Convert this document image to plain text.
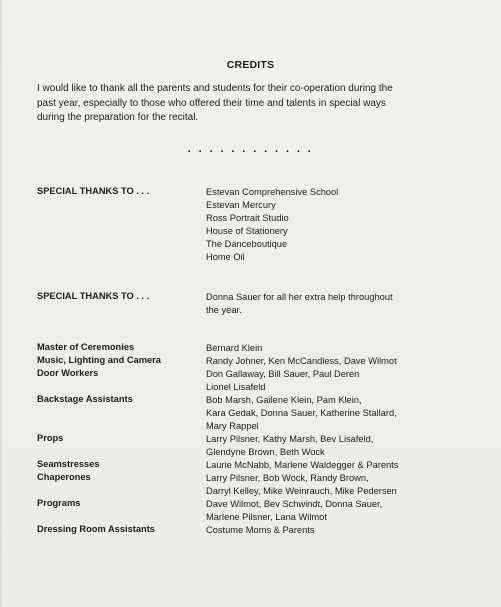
CREDITS
I would like to thank all the parents and students for their co-operation during the
past year, especially to those who offered their time and talents in special ways
during the preparation for the recital.
. . . . . . . . . . . .
SPECIAL THANKS TO . . .	Estevan Comprehensive School
Estevan Mercury
Ross Portrait Studio
House of Stationery
The Danceboutique
Home Oil
SPECIAL THANKS TO . . .	Donna Sauer for all her extra help throughout
the year.
Master of Ceremonies	Bernard Klein
Music, Lighting and Camera	Randy Johner, Ken McCandless, Dave Wilmot
Door Workers	Don Gallaway, Bill Sauer, Paul Deren
Lionel Lisafeld
Backstage Assistants	Bob Marsh, Gailene Klein, Pam Klein,
Kara Gedak, Donna Sauer, Katherine Stallard,
Mary Rappel
Props	Larry Pilsner, Kathy Marsh, Bev Lisafeld,
Glendyne Brown, Beth Wock
Seamstresses	Laurie McNabb, Marlene Waldegger & Parents
Chaperones	Larry Pilsner, Bob Wock, Randy Brown,
Darryl Kelley, Mike Weinrauch, Mike Pedersen
Programs	Dave Wilmot, Bev Schwindt, Donna Sauer,
Marlene Pilsner, Lana Wilmot
Dressing Room Assistants	Costume Moms & Parents
